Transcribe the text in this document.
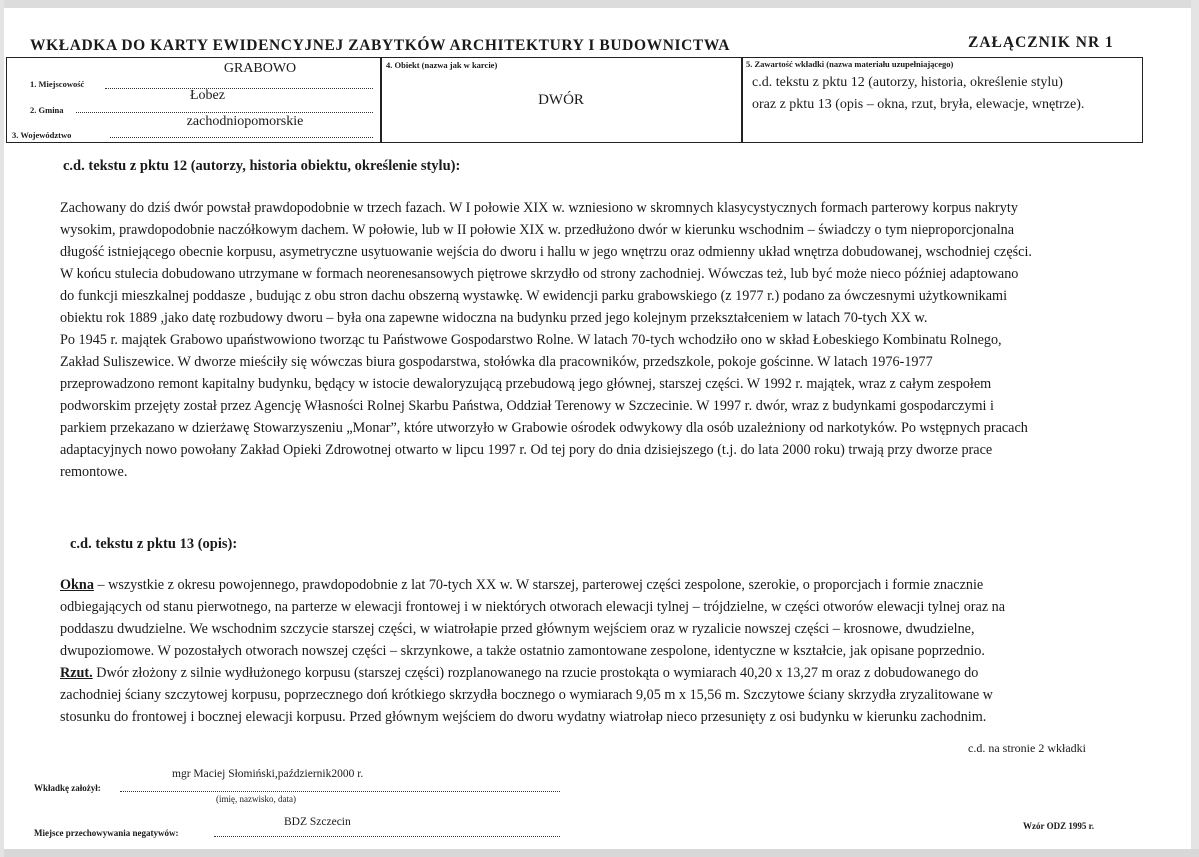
WKŁADKA DO KARTY EWIDENCYJNEJ ZABYTKÓW ARCHITEKTURY I BUDOWNICTWA	ZAŁĄCZNIK NR 1
GRABOWO
1. Miejscowość
Łobez
2. Gmina
zachodniopomorskie
3. Województwo
4. Obiekt (nazwa jak w karcie)
DWÓR
5. Zawartość wkładki (nazwa materiału uzupełniającego)
c.d. tekstu z pktu 12 (autorzy, historia, określenie stylu)
oraz z pktu 13 (opis – okna, rzut, bryła, elewacje, wnętrze).
c.d. tekstu z pktu 12 (autorzy, historia obiektu, określenie stylu):
Zachowany do dziś dwór powstał prawdopodobnie w trzech fazach. W I połowie XIX w. wzniesiono w skromnych klasycystycznych formach parterowy korpus nakryty
wysokim, prawdopodobnie naczółkowym dachem. W połowie, lub w II połowie XIX w. przedłużono dwór w kierunku wschodnim – świadczy o tym nieproporcjonalna
długość istniejącego obecnie korpusu, asymetryczne usytuowanie wejścia do dworu i hallu w jego wnętrzu oraz odmienny układ wnętrza dobudowanej, wschodniej części.
W końcu stulecia dobudowano utrzymane w formach neorenesansowych piętrowe skrzydło od strony zachodniej. Wówczas też, lub być może nieco później adaptowano
do funkcji mieszkalnej poddasze , budując z obu stron dachu obszerną wystawkę. W ewidencji parku grabowskiego (z 1977 r.) podano za ówczesnymi użytkownikami
obiektu rok 1889 ,jako datę rozbudowy dworu – była ona zapewne widoczna na budynku przed jego kolejnym przekształceniem w latach 70-tych XX w.
Po 1945 r. majątek Grabowo upaństwowiono tworząc tu Państwowe Gospodarstwo Rolne. W latach 70-tych wchodziło ono w skład Łobeskiego Kombinatu Rolnego,
Zakład Suliszewice. W dworze mieściły się wówczas biura gospodarstwa, stołówka dla pracowników, przedszkole, pokoje gościnne. W latach 1976-1977
przeprowadzono remont kapitalny budynku, będący w istocie dewaloryzującą przebudową jego głównej, starszej części. W 1992 r. majątek, wraz z całym zespołem
podworskim przejęty został przez Agencję Własności Rolnej Skarbu Państwa, Oddział Terenowy w Szczecinie. W 1997 r. dwór, wraz z budynkami gospodarczymi i
parkiem przekazano w dzierżawę Stowarzyszeniu „Monar”, które utworzyło w Grabowie ośrodek odwykowy dla osób uzależniony od narkotyków. Po wstępnych pracach
adaptacyjnych nowo powołany Zakład Opieki Zdrowotnej otwarto w lipcu 1997 r. Od tej pory do dnia dzisiejszego (t.j. do lata 2000 roku) trwają przy dworze prace
remontowe.
c.d. tekstu z pktu 13 (opis):
Okna – wszystkie z okresu powojennego, prawdopodobnie z lat 70-tych XX w. W starszej, parterowej części zespolone, szerokie, o proporcjach i formie znacznie
odbiegających od stanu pierwotnego, na parterze w elewacji frontowej i w niektórych otworach elewacji tylnej – trójdzielne, w części otworów elewacji tylnej oraz na
poddaszu dwudzielne. We wschodnim szczycie starszej części, w wiatrołapie przed głównym wejściem oraz w ryzalicie nowszej części – krosnowe, dwudzielne,
dwupoziomowe. W pozostałych otworach nowszej części – skrzynkowe, a także ostatnio zamontowane zespolone, identyczne w kształcie, jak opisane poprzednio.
Rzut. Dwór złożony z silnie wydłużonego korpusu (starszej części) rozplanowanego na rzucie prostokąta o wymiarach 40,20 x 13,27 m oraz z dobudowanego do
zachodniej ściany szczytowej korpusu, poprzecznego doń krótkiego skrzydła bocznego o wymiarach 9,05 m x 15,56 m. Szczytowe ściany skrzydła zryzalitowane w
stosunku do frontowej i bocznej elewacji korpusu. Przed głównym wejściem do dworu wydatny wiatrołap nieco przesunięty z osi budynku w kierunku zachodnim.
c.d. na stronie 2 wkładki
mgr Maciej Słomiński,październik2000 r.
Wkładkę założył:
(imię, nazwisko, data)
BDZ Szczecin
Miejsce przechowywania negatywów:
Wzór ODZ 1995 r.
